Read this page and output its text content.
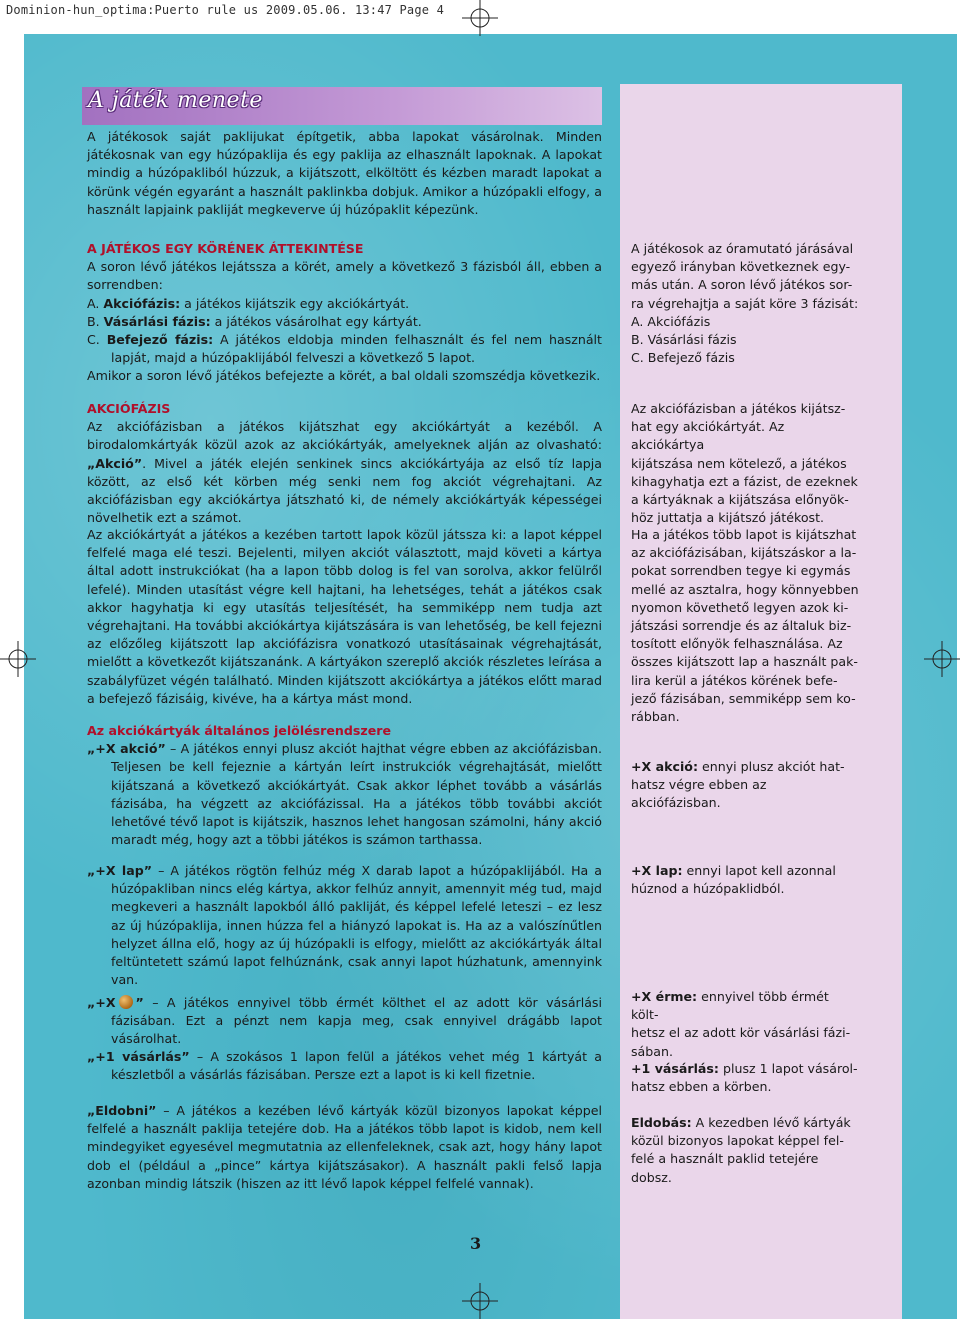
Dominion-hun_optima:Puerto rule us 2009.05.06. 13:47 Page 4
A játék menete
A játékosok saját paklijukat építgetik, abba lapokat vásárolnak. Minden játékosnak van egy húzópaklija és egy paklija az elhasznált lapoknak. A lapokat mindig a húzópakliból húzzuk, a kijátszott, elköltött és kézben maradt lapokat a körünk végén egyaránt a használt paklinkba dobjuk. Amikor a húzópakli elfogy, a használt lapjaink pakliját megkeverve új húzópaklit képezünk.
A JÁTÉKOS EGY KÖRÉNEK ÁTTEKINTÉSE
A soron lévő játékos lejátssza a körét, amely a következő 3 fázisból áll, ebben a sorrendben:
A. Akciófázis: a játékos kijátszik egy akciókártyát.
B. Vásárlási fázis: a játékos vásárolhat egy kártyát.
C. Befejező fázis: A játékos eldobja minden felhasznált és fel nem használt lapját, majd a húzópaklijából felveszi a következő 5 lapot.
Amikor a soron lévő játékos befejezte a körét, a bal oldali szomszédja következik.
AKCIÓFÁZIS
Az akciófázisban a játékos kijátszhat egy akciókártyát a kezéből. A birodalomkártyák közül azok az akciókártyák, amelyeknek alján az olvasható: „Akció”. Mivel a játék elején senkinek sincs akciókártyája az első tíz lapja között, az első két körben még senki nem fog akciót végrehajtani. Az akciófázisban egy akciókártya játszható ki, de némely akciókártyák képességei növelhetik ezt a számot.
Az akciókártyát a játékos a kezében tartott lapok közül játssza ki: a lapot képpel felfelé maga elé teszi. Bejelenti, milyen akciót választott, majd követi a kártya által adott instrukciókat (ha a lapon több dolog is fel van sorolva, akkor felülről lefelé). Minden utasítást végre kell hajtani, ha lehetséges, tehát a játékos csak akkor hagyhatja ki egy utasítás teljesítését, ha semmiképp nem tudja azt végrehajtani. Ha további akciókártya kijátszására is van lehetőség, be kell fejezni az előzőleg kijátszott lap akciófázisra vonatkozó utasításainak végrehajtását, mielőtt a következőt kijátszanánk. A kártyákon szereplő akciók részletes leírása a szabályfüzet végén található. Minden kijátszott akciókártya a játékos előtt marad a befejező fázisáig, kivéve, ha a kártya mást mond.
Az akciókártyák általános jelölésrendszere
„+X akció” – A játékos ennyi plusz akciót hajthat végre ebben az akciófázisban. Teljesen be kell fejeznie a kártyán leírt instrukciók végrehajtását, mielőtt kijátszaná a következő akciókártyát. Csak akkor léphet tovább a vásárlás fázisába, ha végzett az akciófázissal. Ha a játékos több további akciót lehetővé tévő lapot is kijátszik, hasznos lehet hangosan számolni, hány akció maradt még, hogy azt a többi játékos is számon tarthassa.
„+X lap” – A játékos rögtön felhúz még X darab lapot a húzópaklijából. Ha a húzópakliban nincs elég kártya, akkor felhúz annyit, amennyit még tud, majd megkeveri a használt lapokból álló pakliját, és képpel lefelé leteszi – ez lesz az új húzópaklija, innen húzza fel a hiányzó lapokat is. Ha az a valószínűtlen helyzet állna elő, hogy az új húzópakli is elfogy, mielőtt az akciókártyák által feltüntetett számú lapot felhúznánk, csak annyi lapot húzhatunk, amennyink van.
„+X ” – A játékos ennyivel több érmét költhet el az adott kör vásárlási fázisában. Ezt a pénzt nem kapja meg, csak ennyivel drágább lapot vásárolhat.
„+1 vásárlás” – A szokásos 1 lapon felül a játékos vehet még 1 kártyát a készletből a vásárlás fázisában. Persze ezt a lapot is ki kell fizetnie.
„Eldobni” – A játékos a kezében lévő kártyák közül bizonyos lapokat képpel felfelé a használt paklija tetejére dob. Ha a játékos több lapot is kidob, nem kell mindegyiket egyesével megmutatnia az ellenfeleknek, csak azt, hogy hány lapot dob el (például a „pince” kártya kijátszásakor). A használt pakli felső lapja azonban mindig látszik (hiszen az itt lévő lapok képpel felfelé vannak).
A játékosok az óramutató járásával
egyező irányban következnek egy-
más után. A soron lévő játékos sor-
ra végrehajtja a saját köre 3 fázisát:
A. Akciófázis
B. Vásárlási fázis
C. Befejező fázis
Az akciófázisban a játékos kijátsz-
hat egy akciókártyát. Az akciókártya
kijátszása nem kötelező, a játékos
kihagyhatja ezt a fázist, de ezeknek
a kártyáknak a kijátszása előnyök-
höz juttatja a kijátszó játékost.
Ha a játékos több lapot is kijátszhat
az akciófázisában, kijátszáskor a la-
pokat sorrendben tegye ki egymás
mellé az asztalra, hogy könnyebben
nyomon követhető legyen azok ki-
játszási sorrendje és az általuk biz-
tosított előnyök felhasználása. Az
összes kijátszott lap a használt pak-
lira kerül a játékos körének befe-
jező fázisában, semmiképp sem ko-
rábban.
+X akció: ennyi plusz akciót hat-
hatsz végre ebben az akciófázisban.
+X lap: ennyi lapot kell azonnal
húznod a húzópaklidból.
+X érme: ennyivel több érmét költ-
hetsz el az adott kör vásárlási fázi-
sában.
+1 vásárlás: plusz 1 lapot vásárol-
hatsz ebben a körben.
Eldobás: A kezedben lévő kártyák
közül bizonyos lapokat képpel fel-
felé a használt paklid tetejére dobsz.
3
